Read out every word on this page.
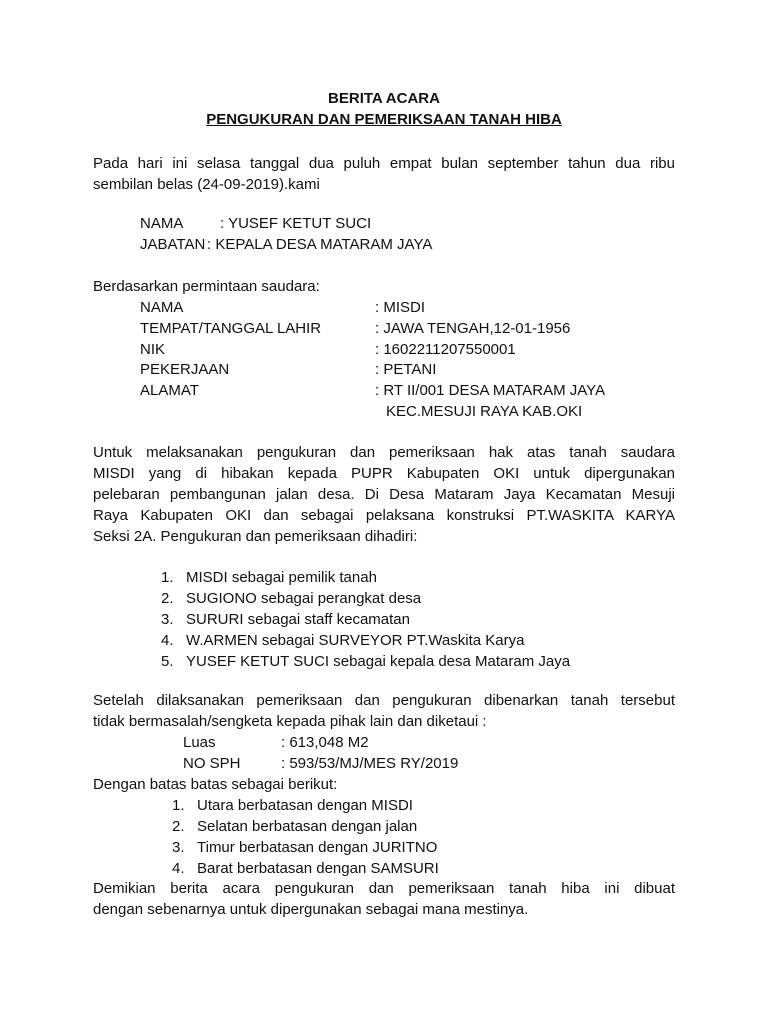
BERITA ACARA
PENGUKURAN DAN PEMERIKSAAN TANAH HIBA
Pada hari ini selasa tanggal dua puluh empat bulan september tahun dua ribu
sembilan belas (24-09-2019).kami
NAMA : YUSEF KETUT SUCI
JABATAN : KEPALA DESA MATARAM JAYA
Berdasarkan permintaan saudara:
NAMA	: MISDI
TEMPAT/TANGGAL LAHIR	: JAWA TENGAH,12-01-1956
NIK	: 1602211207550001
PEKERJAAN	: PETANI
ALAMAT	: RT II/001 DESA MATARAM JAYA
KEC.MESUJI RAYA KAB.OKI
Untuk melaksanakan pengukuran dan pemeriksaan hak atas tanah saudara
MISDI yang di hibakan kepada PUPR Kabupaten OKI untuk dipergunakan
pelebaran pembangunan jalan desa. Di Desa Mataram Jaya Kecamatan Mesuji
Raya Kabupaten OKI dan sebagai pelaksana konstruksi PT.WASKITA KARYA
Seksi 2A. Pengukuran dan pemeriksaan dihadiri:
1. MISDI sebagai pemilik tanah
2. SUGIONO sebagai perangkat desa
3. SURURI sebagai staff kecamatan
4. W.ARMEN sebagai SURVEYOR PT.Waskita Karya
5. YUSEF KETUT SUCI sebagai kepala desa Mataram Jaya
Setelah dilaksanakan pemeriksaan dan pengukuran dibenarkan tanah tersebut
tidak bermasalah/sengketa kepada pihak lain dan diketaui :
Luas	: 613,048 M2
NO SPH	: 593/53/MJ/MES RY/2019
Dengan batas batas sebagai berikut:
1. Utara berbatasan dengan MISDI
2. Selatan berbatasan dengan jalan
3. Timur berbatasan dengan JURITNO
4. Barat berbatasan dengan SAMSURI
Demikian berita acara pengukuran dan pemeriksaan tanah hiba ini dibuat
dengan sebenarnya untuk dipergunakan sebagai mana mestinya.
